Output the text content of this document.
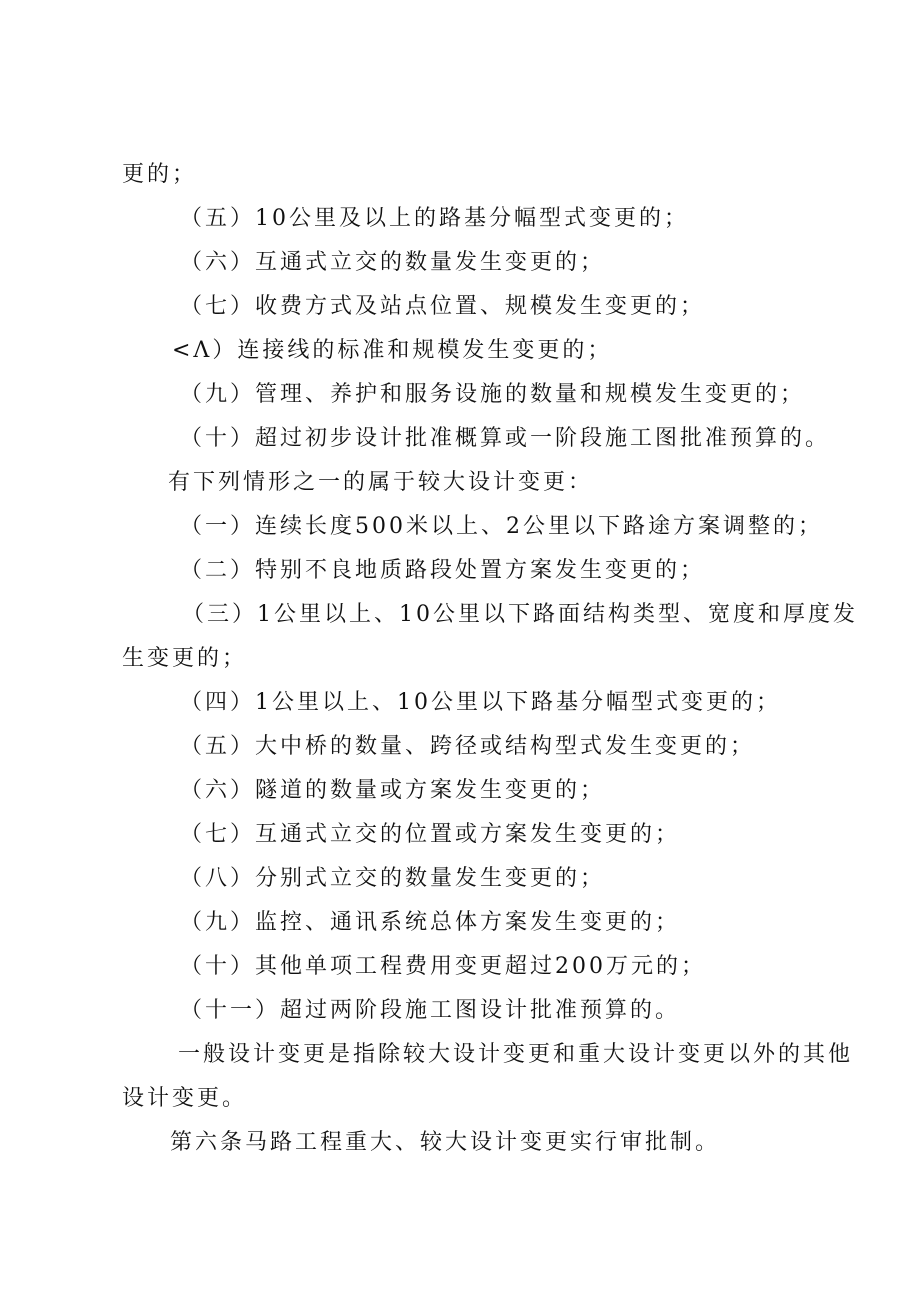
更的；
（五）10公里及以上的路基分幅型式变更的；
（六）互通式立交的数量发生变更的；
（七）收费方式及站点位置、规模发生变更的；
<Λ）连接线的标准和规模发生变更的；
（九）管理、养护和服务设施的数量和规模发生变更的；
（十）超过初步设计批准概算或一阶段施工图批准预算的。
有下列情形之一的属于较大设计变更：
（一）连续长度500米以上、2公里以下路途方案调整的；
（二）特别不良地质路段处置方案发生变更的；
（三）1公里以上、10公里以下路面结构类型、宽度和厚度发
生变更的；
（四）1公里以上、10公里以下路基分幅型式变更的；
（五）大中桥的数量、跨径或结构型式发生变更的；
（六）隧道的数量或方案发生变更的；
（七）互通式立交的位置或方案发生变更的；
（八）分别式立交的数量发生变更的；
（九）监控、通讯系统总体方案发生变更的；
（十）其他单项工程费用变更超过200万元的；
（十一）超过两阶段施工图设计批准预算的。
一般设计变更是指除较大设计变更和重大设计变更以外的其他
设计变更。
第六条马路工程重大、较大设计变更实行审批制。
